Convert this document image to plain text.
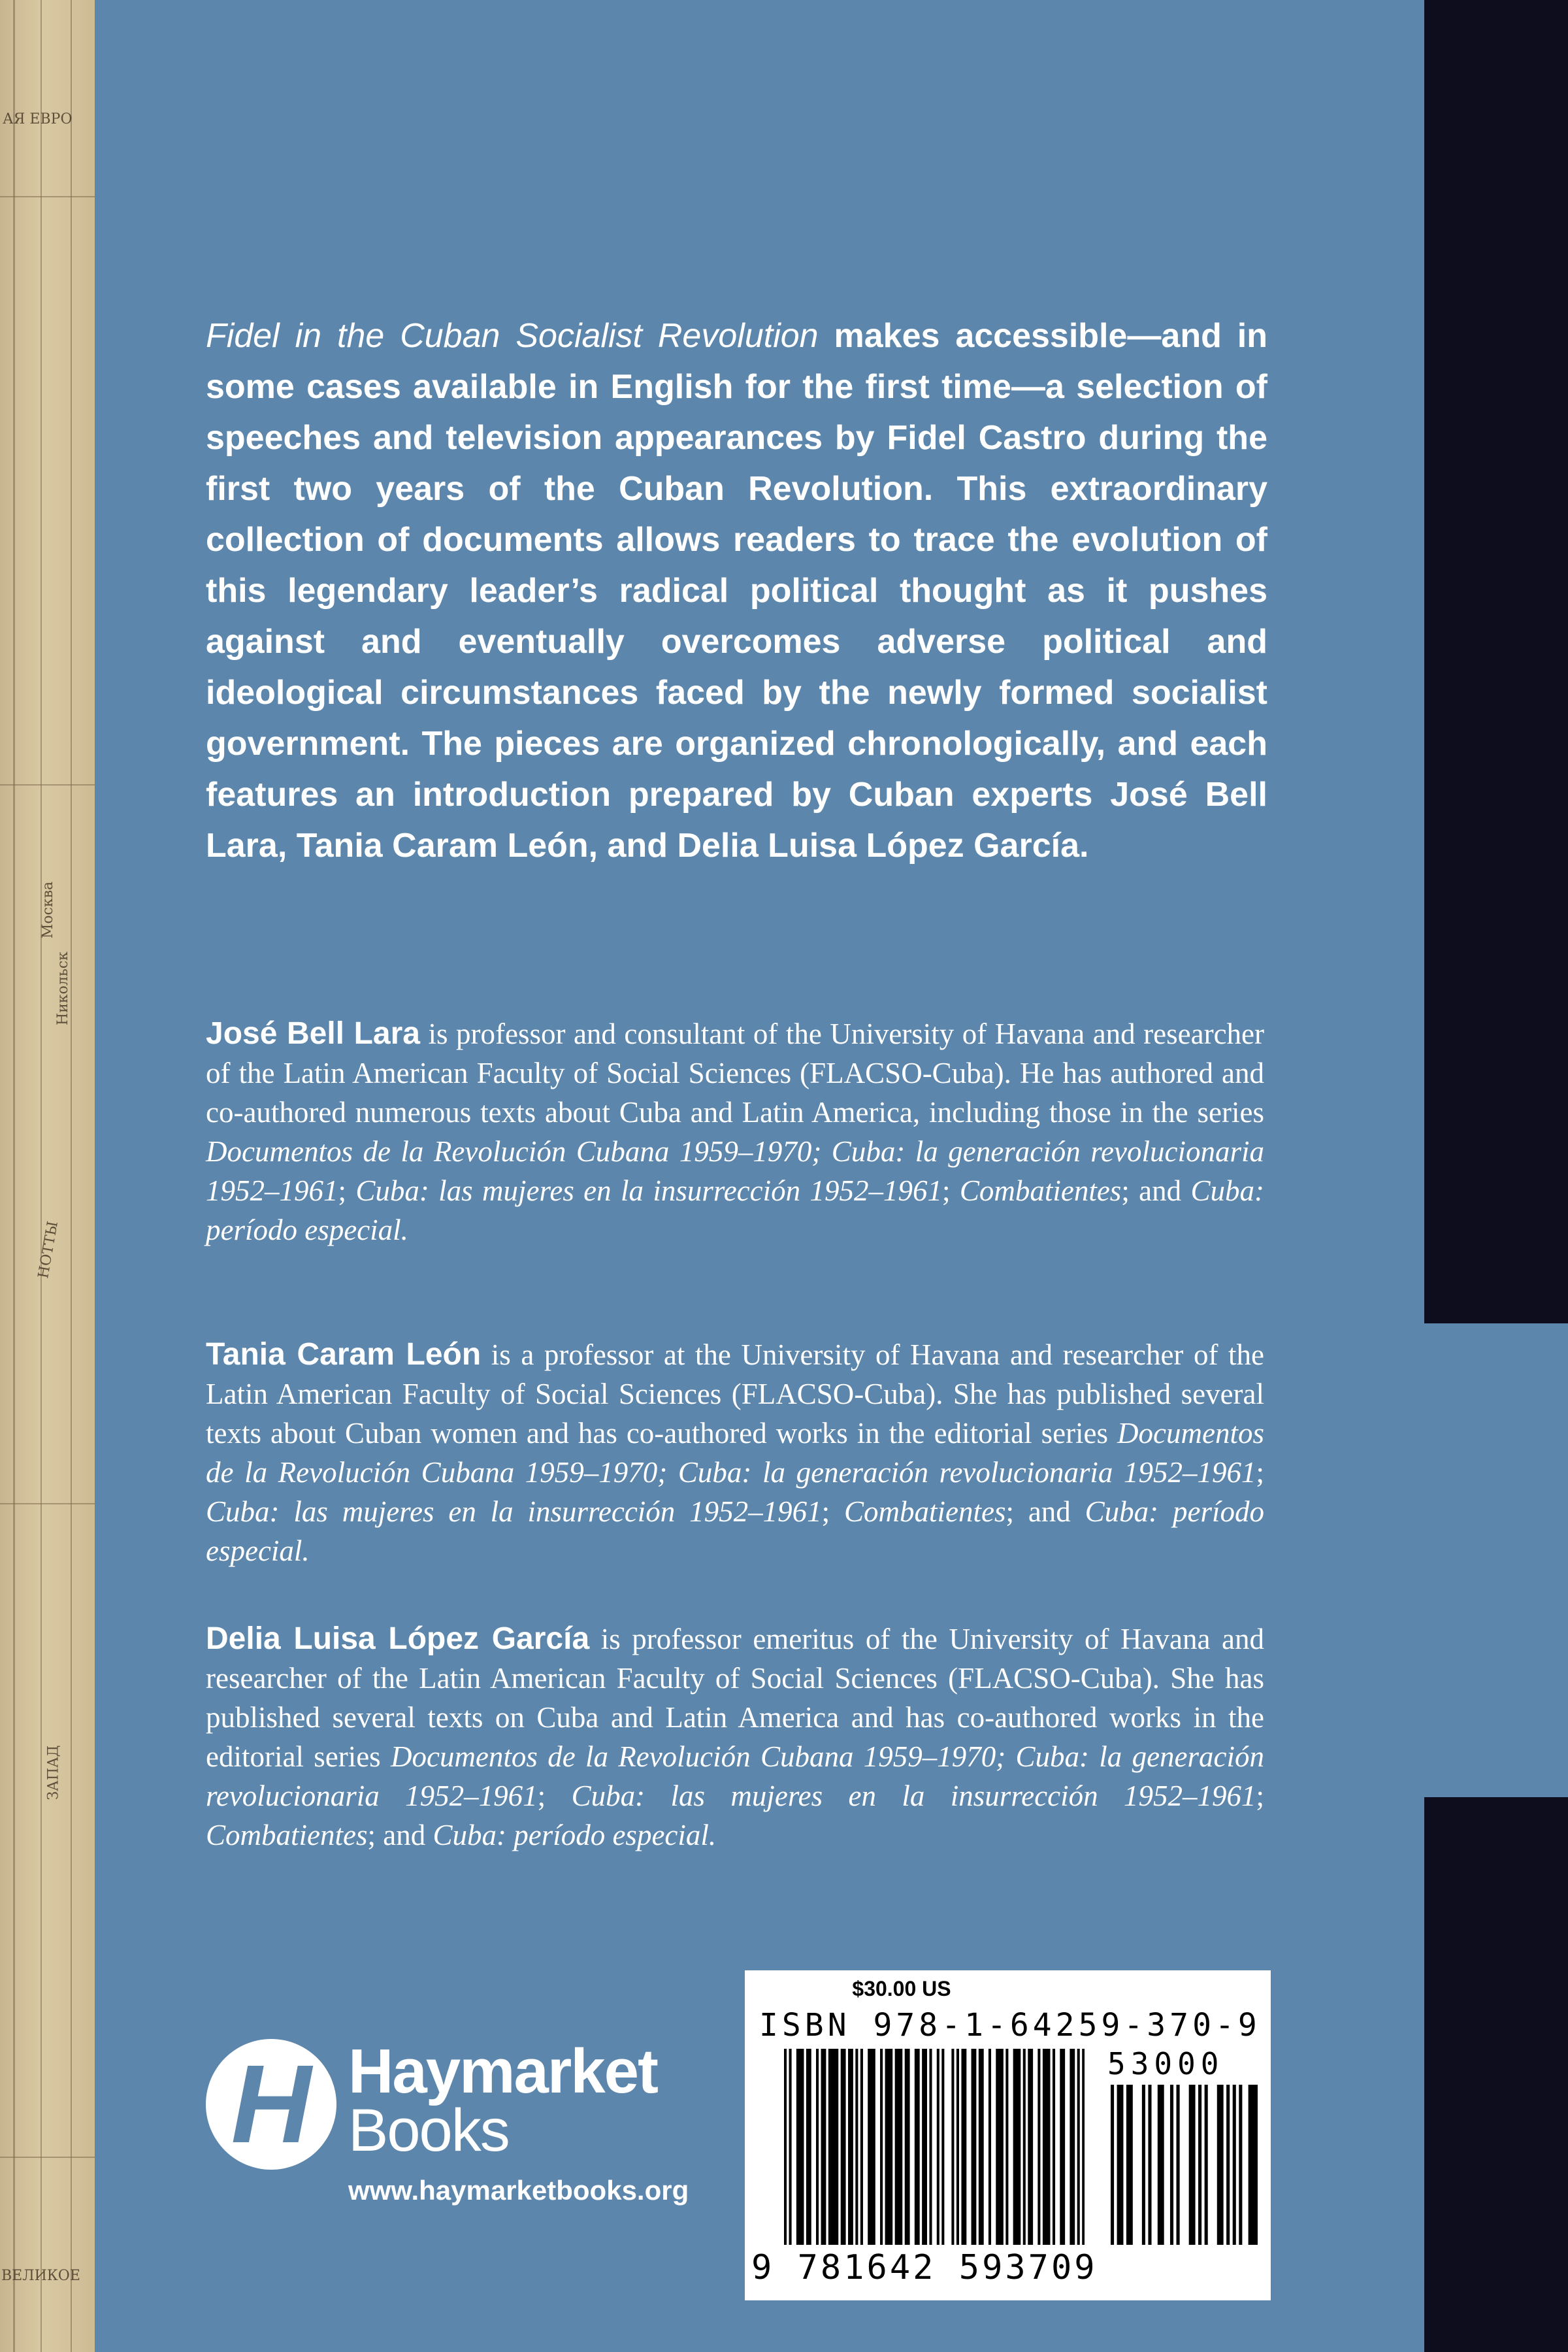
АЯ ЕВРО
Москва
Никольск
НОТТЫ
ЗАПАД
ВЕЛИКОЕ
Fidel in the Cuban Socialist Revolution makes accessible—and in some cases available in English for the first time—a selection of speeches and television appearances by Fidel Castro during the first two years of the Cuban Revolution. This extraordinary collection of documents allows readers to trace the evolution of this legendary leader’s radical political thought as it pushes against and eventually overcomes adverse political and ideological circumstances faced by the newly formed socialist government. The pieces are organized chronologically, and each features an introduction prepared by Cuban experts José Bell Lara, Tania Caram León, and Delia Luisa López García.
José Bell Lara is professor and consultant of the University of Havana and researcher of the Latin American Faculty of Social Sciences (FLACSO-Cuba). He has authored and co-authored numerous texts about Cuba and Latin America, including those in the series Documentos de la Revolución Cubana 1959–1970; Cuba: la generación revolucionaria 1952–1961; Cuba: las mujeres en la insurrección 1952–1961; Combatientes; and Cuba: período especial.
Tania Caram León is a professor at the University of Havana and researcher of the Latin American Faculty of Social Sciences (FLACSO-Cuba). She has published several texts about Cuban women and has co-authored works in the editorial series Documentos de la Revolución Cubana 1959–1970; Cuba: la generación revolucionaria 1952–1961; Cuba: las mujeres en la insurrección 1952–1961; Combatientes; and Cuba: período especial.
Delia Luisa López García is professor emeritus of the University of Havana and researcher of the Latin American Faculty of Social Sciences (FLACSO-Cuba). She has published several texts on Cuba and Latin America and has co-authored works in the editorial series Documentos de la Revolución Cubana 1959–1970; Cuba: la generación revolucionaria 1952–1961; Cuba: las mujeres en la insurrección 1952–1961; Combatientes; and Cuba: período especial.
H Haymarket
Books
www.haymarketbooks.org
$30.00 US
ISBN 978-1-64259-370-9
53000
9 781642 593709
